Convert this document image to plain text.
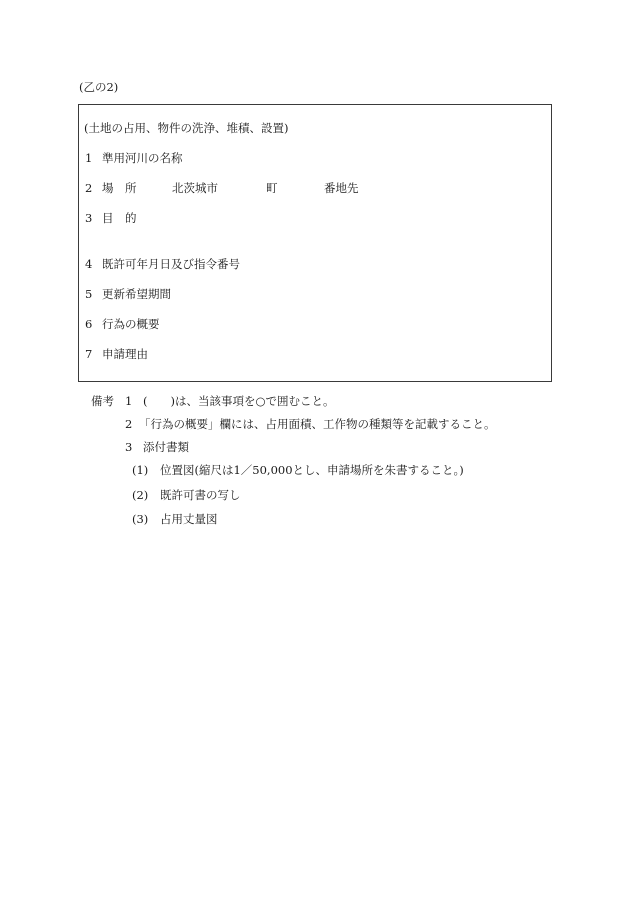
(乙の2)
(土地の占用、物件の洗浄、堆積、設置)
1 準用河川の名称
2 場　所	北茨城市	町	番地先
3 目　的
4 既許可年月日及び指令番号
5 更新希望期間
6 行為の概要
7 申請理由
備考 1 (　　)は、当該事項を○で囲むこと。
2 「行為の概要」欄には、占用面積、工作物の種類等を記載すること。
3 添付書類
(1) 位置図(縮尺は1／50,000とし、申請場所を朱書すること。)
(2) 既許可書の写し
(3) 占用丈量図
